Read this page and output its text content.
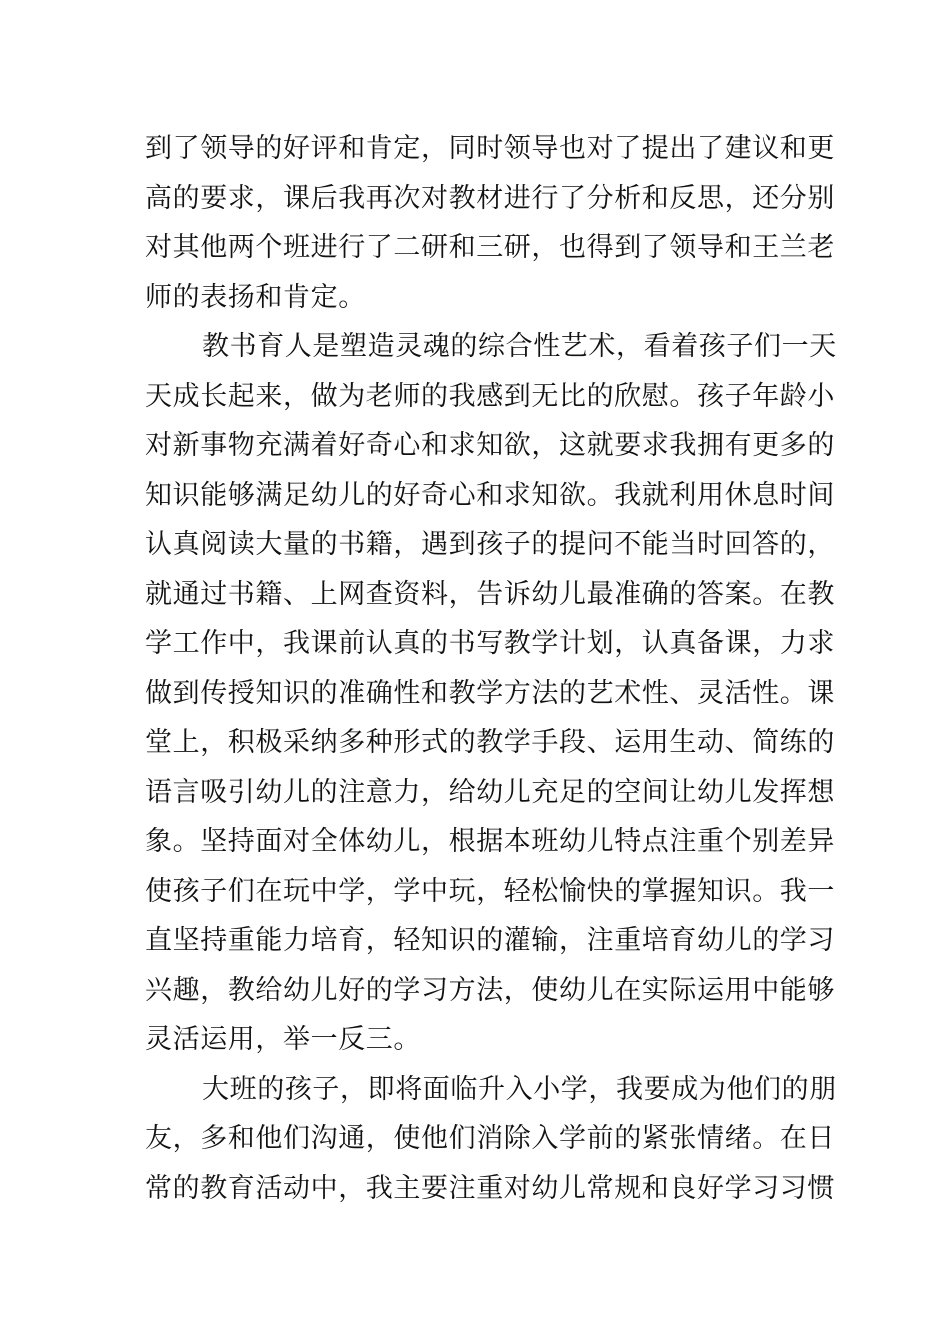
到了领导的好评和肯定，同时领导也对了提出了建议和更
高的要求，课后我再次对教材进行了分析和反思，还分别
对其他两个班进行了二研和三研，也得到了领导和王兰老
师的表扬和肯定。
教书育人是塑造灵魂的综合性艺术，看着孩子们一天
天成长起来，做为老师的我感到无比的欣慰。孩子年龄小
对新事物充满着好奇心和求知欲，这就要求我拥有更多的
知识能够满足幼儿的好奇心和求知欲。我就利用休息时间
认真阅读大量的书籍，遇到孩子的提问不能当时回答的，
就通过书籍、上网查资料，告诉幼儿最准确的答案。在教
学工作中，我课前认真的书写教学计划，认真备课，力求
做到传授知识的准确性和教学方法的艺术性、灵活性。课
堂上，积极采纳多种形式的教学手段、运用生动、简练的
语言吸引幼儿的注意力，给幼儿充足的空间让幼儿发挥想
象。坚持面对全体幼儿，根据本班幼儿特点注重个别差异
使孩子们在玩中学，学中玩，轻松愉快的掌握知识。我一
直坚持重能力培育，轻知识的灌输，注重培育幼儿的学习
兴趣，教给幼儿好的学习方法，使幼儿在实际运用中能够
灵活运用，举一反三。
大班的孩子，即将面临升入小学，我要成为他们的朋
友，多和他们沟通，使他们消除入学前的紧张情绪。在日
常的教育活动中，我主要注重对幼儿常规和良好学习习惯
